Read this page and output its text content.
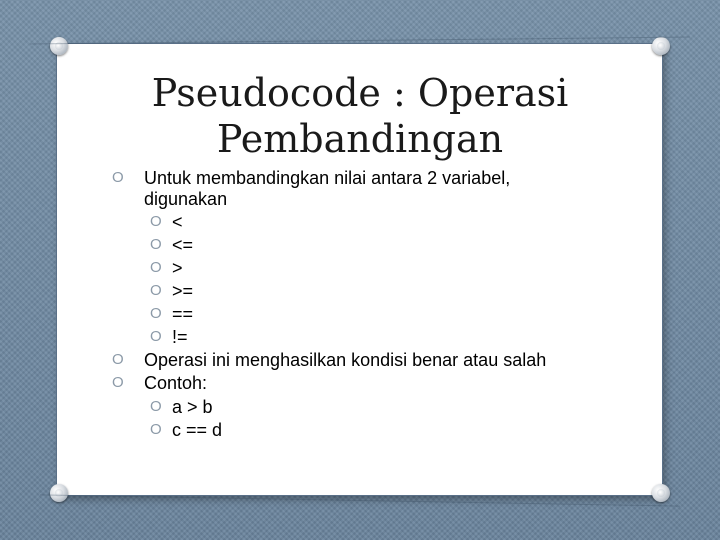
Pseudocode : Operasi
Pembandingan
O Untuk membandingkan nilai antara 2 variabel,
digunakan
O <
O <=
O >
O >=
O ==
O !=
O Operasi ini menghasilkan kondisi benar atau salah
O Contoh:
O a > b
O c == d
